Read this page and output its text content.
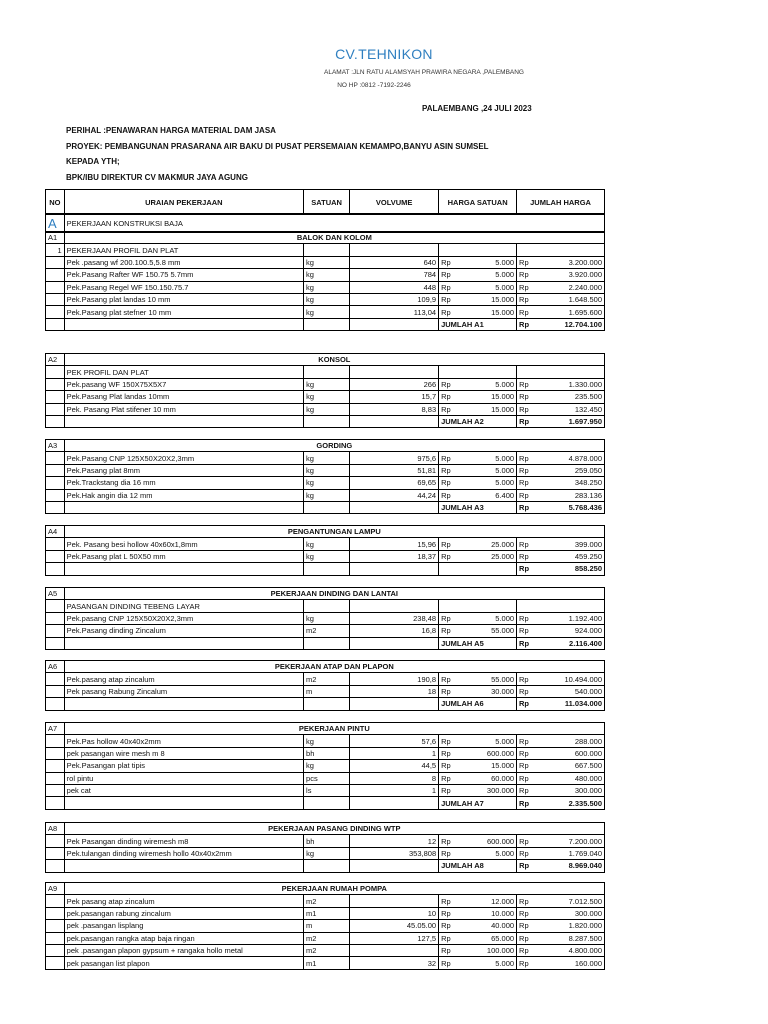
CV.TEHNIKON
ALAMAT :JLN RATU ALAMSYAH PRAWIRA NEGARA ,PALEMBANG
NO HP :0812 -7192-2246
PALAEMBANG ,24 JULI 2023
PERIHAL :PENAWARAN HARGA MATERIAL DAM JASA
PROYEK: PEMBANGUNAN PRASARANA AIR BAKU DI PUSAT PERSEMAIAN KEMAMPO,BANYU ASIN SUMSEL
KEPADA YTH;
BPK/IBU DIREKTUR CV MAKMUR JAYA AGUNG
NO	URAIAN PEKERJAAN	SATUAN	VOLVUME	HARGA SATUAN	JUMLAH HARGA
A	PEKERJAAN KONSTRUKSI BAJA
A1	BALOK DAN KOLOM						
1	PEKERJAAN PROFIL DAN PLAT						
	Pek .pasang wf 200.100.5,5.8 mm	kg	640	Rp	5.000	Rp	3.200.000
	Pek.Pasang Rafter WF 150.75 5.7mm	kg	784	Rp	5.000	Rp	3.920.000
	Pek.Pasang Regel WF 150.150.75.7	kg	448	Rp	5.000	Rp	2.240.000
	Pek.Pasang plat landas 10 mm	kg	109,9	Rp	15.000	Rp	1.648.500
	Pek.Pasang plat stefner 10 mm	kg	113,04	Rp	15.000	Rp	1.695.600
				JUMLAH A1		Rp	12.704.100
A2	KONSOL						
	PEK PROFIL DAN PLAT						
	Pek.pasang WF 150X75X5X7	kg	266	Rp	5.000	Rp	1.330.000
	Pek.Pasang Plat landas 10mm	kg	15,7	Rp	15.000	Rp	235.500
	Pek. Pasang Plat stifener 10 mm	kg	8,83	Rp	15.000	Rp	132.450
				JUMLAH A2		Rp	1.697.950
A3	GORDING						
	Pek.Pasang CNP 125X50X20X2,3mm	kg	975,6	Rp	5.000	Rp	4.878.000
	Pek.Pasang plat 8mm	kg	51,81	Rp	5.000	Rp	259.050
	Pek.Trackstang dia 16 mm	kg	69,65	Rp	5.000	Rp	348.250
	Pek.Hak angin dia 12 mm	kg	44,24	Rp	6.400	Rp	283.136
				JUMLAH A3		Rp	5.768.436
A4	PENGANTUNGAN LAMPU						
	Pek. Pasang besi hollow 40x60x1,8mm	kg	15,96	Rp	25.000	Rp	399.000
	Pek.Pasang plat L 50X50 mm	kg	18,37	Rp	25.000	Rp	459.250
						Rp	858.250
A5	PEKERJAAN DINDING DAN LANTAI						
	PASANGAN DINDING TEBENG LAYAR						
	Pek.pasang CNP 125X50X20X2,3mm	kg	238,48	Rp	5.000	Rp	1.192.400
	Pek.Pasang dinding Zincalum	m2	16,8	Rp	55.000	Rp	924.000
				JUMLAH A5		Rp	2.116.400
A6	PEKERJAAN ATAP DAN PLAPON						
	Pek.pasang atap zincalum	m2	190,8	Rp	55.000	Rp	10.494.000
	Pek pasang Rabung Zincalum	m	18	Rp	30.000	Rp	540.000
				JUMLAH A6		Rp	11.034.000
A7	PEKERJAAN PINTU						
	Pek.Pas hollow 40x40x2mm	kg	57,6	Rp	5.000	Rp	288.000
	pek pasangan wire mesh m 8	bh	1	Rp	600.000	Rp	600.000
	Pek.Pasangan plat tipis	kg	44,5	Rp	15.000	Rp	667.500
	rol pintu	pcs	8	Rp	60.000	Rp	480.000
	pek cat	ls	1	Rp	300.000	Rp	300.000
				JUMLAH A7		Rp	2.335.500
A8	PEKERJAAN PASANG DINDING WTP						
	Pek Pasangan dinding wiremesh m8	bh	12	Rp	600.000	Rp	7.200.000
	Pek.tulangan dinding wiremesh hollo 40x40x2mm	kg	353,808	Rp	5.000	Rp	1.769.040
				JUMLAH A8		Rp	8.969.040
A9	PEKERJAAN RUMAH POMPA						
	Pek pasang atap zincalum	m2		Rp	12.000	Rp	7.012.500
	pek.pasangan rabung zincalum	m1	10	Rp	10.000	Rp	300.000
	pek .pasangan lisplang	m	45.05.00	Rp	40.000	Rp	1.820.000
	pek.pasangan rangka atap baja ringan	m2	127,5	Rp	65.000	Rp	8.287.500
	pek .pasangan plapon gypsum + rangaka hollo metal	m2		Rp	100.000	Rp	4.800.000
	pek pasangan list plapon	m1	32	Rp	5.000	Rp	160.000
